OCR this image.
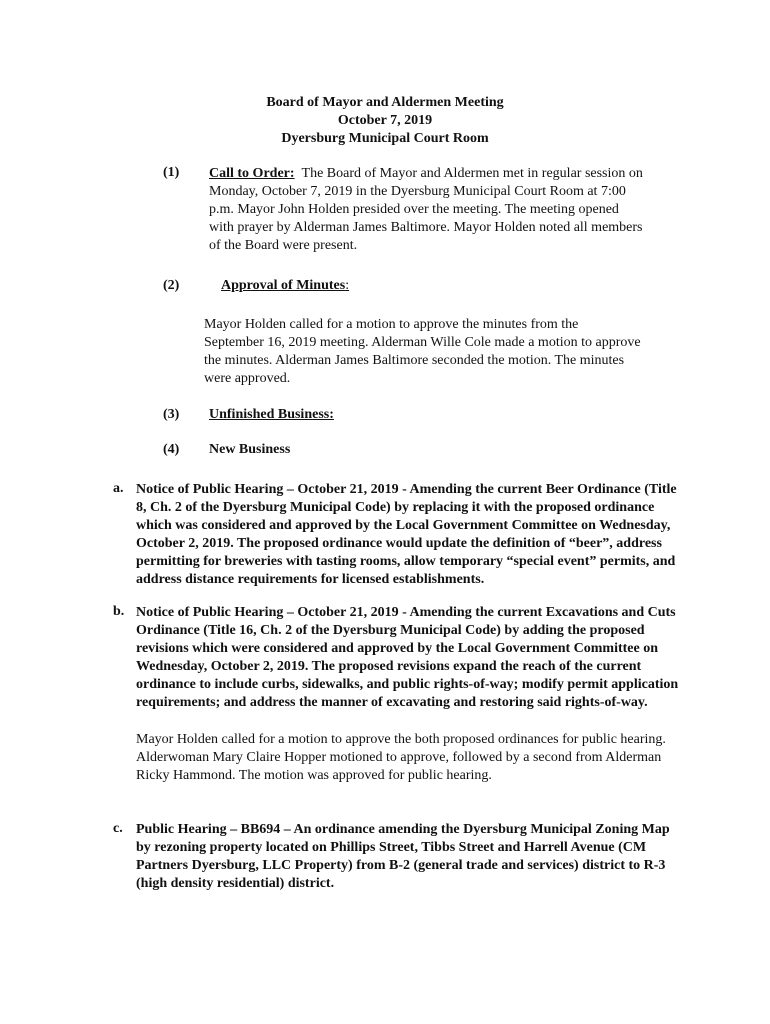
Board of Mayor and Aldermen Meeting
October 7, 2019
Dyersburg Municipal Court Room
(1) Call to Order: The Board of Mayor and Aldermen met in regular session on
Monday, October 7, 2019 in the Dyersburg Municipal Court Room at 7:00
p.m. Mayor John Holden presided over the meeting. The meeting opened
with prayer by Alderman James Baltimore. Mayor Holden noted all members
of the Board were present.
(2)	Approval of Minutes:
Mayor Holden called for a motion to approve the minutes from the
September 16, 2019 meeting. Alderman Wille Cole made a motion to approve
the minutes. Alderman James Baltimore seconded the motion. The minutes
were approved.
(3) Unfinished Business:
(4) New Business
a. Notice of Public Hearing – October 21, 2019 - Amending the current Beer Ordinance (Title
8, Ch. 2 of the Dyersburg Municipal Code) by replacing it with the proposed ordinance
which was considered and approved by the Local Government Committee on Wednesday,
October 2, 2019. The proposed ordinance would update the definition of “beer”, address
permitting for breweries with tasting rooms, allow temporary “special event” permits, and
address distance requirements for licensed establishments.
b. Notice of Public Hearing – October 21, 2019 - Amending the current Excavations and Cuts
Ordinance (Title 16, Ch. 2 of the Dyersburg Municipal Code) by adding the proposed
revisions which were considered and approved by the Local Government Committee on
Wednesday, October 2, 2019. The proposed revisions expand the reach of the current
ordinance to include curbs, sidewalks, and public rights-of-way; modify permit application
requirements; and address the manner of excavating and restoring said rights-of-way.
Mayor Holden called for a motion to approve the both proposed ordinances for public hearing.
Alderwoman Mary Claire Hopper motioned to approve, followed by a second from Alderman
Ricky Hammond. The motion was approved for public hearing.
c. Public Hearing – BB694 – An ordinance amending the Dyersburg Municipal Zoning Map
by rezoning property located on Phillips Street, Tibbs Street and Harrell Avenue (CM
Partners Dyersburg, LLC Property) from B-2 (general trade and services) district to R-3
(high density residential) district.
